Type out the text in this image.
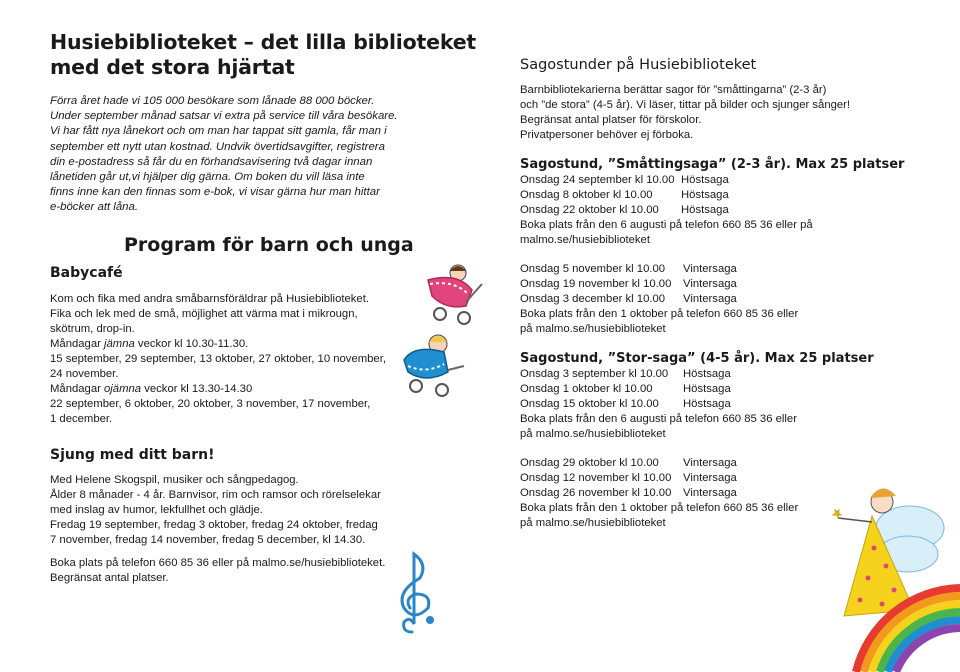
Husiebiblioteket – det lilla biblioteket
med det stora hjärtat

Förra året hade vi 105 000 besökare som lånade 88 000 böcker.

Under september månad satsar vi extra på service till våra besökare.

Vi har fått nya lånekort och om man har tappat sitt gamla, får man i

september ett nytt utan kostnad. Undvik övertidsavgifter, registrera

din e-postadress så får du en förhandsavisering två dagar innan

lånetiden går ut,vi hjälper dig gärna. Om boken du vill läsa inte

finns inne kan den finnas som e-bok, vi visar gärna hur man hittar

e-böcker att låna.

Program för barn och unga
Babycafé

Kom och fika med andra småbarnsföräldrar på Husiebiblioteket.

Fika och lek med de små, möjlighet att värma mat i mikrougn,

skötrum, drop-in.

Måndagar jämna veckor kl 10.30-11.30.

15 september, 29 september, 13 oktober, 27 oktober, 10 november,

24 november.

Måndagar ojämna veckor kl 13.30-14.30

22 september, 6 oktober, 20 oktober, 3 november, 17 november,

1 december.

Sjung med ditt barn!

Med Helene Skogspil, musiker och sångpedagog.

Ålder 8 månader - 4 år. Barnvisor, rim och ramsor och rörelselekar

med inslag av humor, lekfullhet och glädje.

Fredag 19 september, fredag 3 oktober, fredag 24 oktober, fredag

7 november, fredag 14 november, fredag 5 december, kl 14.30.

Boka plats på telefon 660 85 36 eller på malmo.se/husiebiblioteket.

Begränsat antal platser.

Sagostunder på Husiebiblioteket

Barnbibliotekarierna berättar sagor för ”småttingarna” (2-3 år)

och ”de stora” (4-5 år). Vi läser, tittar på bilder och sjunger sånger!

Begränsat antal platser för förskolor.

Privatpersoner behöver ej förboka.

Sagostund, ”Småttingsaga” (2-3 år). Max 25 platser
Onsdag 24 september kl 10.00 Höstsaga
Onsdag 8 oktober kl 10.00	Höstsaga
Onsdag 22 oktober kl 10.00	Höstsaga

Boka plats från den 6 augusti på telefon 660 85 36 eller på

malmo.se/husiebiblioteket

Onsdag 5 november kl 10.00	Vintersaga
Onsdag 19 november kl 10.00	Vintersaga
Onsdag 3 december kl 10.00	Vintersaga

Boka plats från den 1 oktober på telefon 660 85 36 eller

på malmo.se/husiebiblioteket

Sagostund, ”Stor-saga” (4-5 år). Max 25 platser
Onsdag 3 september kl 10.00	Höstsaga
Onsdag 1 oktober kl 10.00	Höstsaga
Onsdag 15 oktober kl 10.00	Höstsaga

Boka plats från den 6 augusti på telefon 660 85 36 eller

på malmo.se/husiebiblioteket

Onsdag 29 oktober kl 10.00	Vintersaga
Onsdag 12 november kl 10.00	Vintersaga
Onsdag 26 november kl 10.00	Vintersaga

Boka plats från den 1 oktober på telefon 660 85 36 eller

på malmo.se/husiebiblioteket
